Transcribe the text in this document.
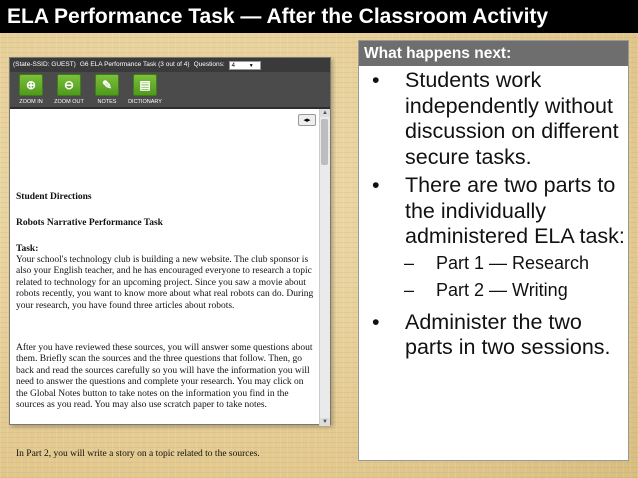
ELA Performance Task — After the Classroom Activity
(State-SSID: GUEST) G6 ELA Performance Task (3 out of 4) Questions:	4	▼
⊕
ZOOM IN
⊖
ZOOM OUT
✎
NOTES
▤
DICTIONARY
◂▸
Student Directions
Robots Narrative Performance Task
Task:

Your school's technology club is building a new website. The club sponsor is also your English teacher, and he has encouraged everyone to research a topic related to technology for an upcoming project. Since you saw a movie about robots recently, you want to know more about what real robots can do. During your research, you have found three articles about robots.

After you have reviewed these sources, you will answer some questions about them. Briefly scan the sources and the three questions that follow. Then, go back and read the sources carefully so you will have the information you will need to answer the questions and complete your research. You may click on the Global Notes button to take notes on the information you find in the sources as you read. You may also use scratch paper to take notes.

In Part 2, you will write a story on a topic related to the sources.

▲
▼
What happens next:
• Students work independently without discussion on different secure tasks.
• There are two parts to the individually administered ELA task:
– Part 1 — Research
– Part 2 — Writing
• Administer the two parts in two sessions.
